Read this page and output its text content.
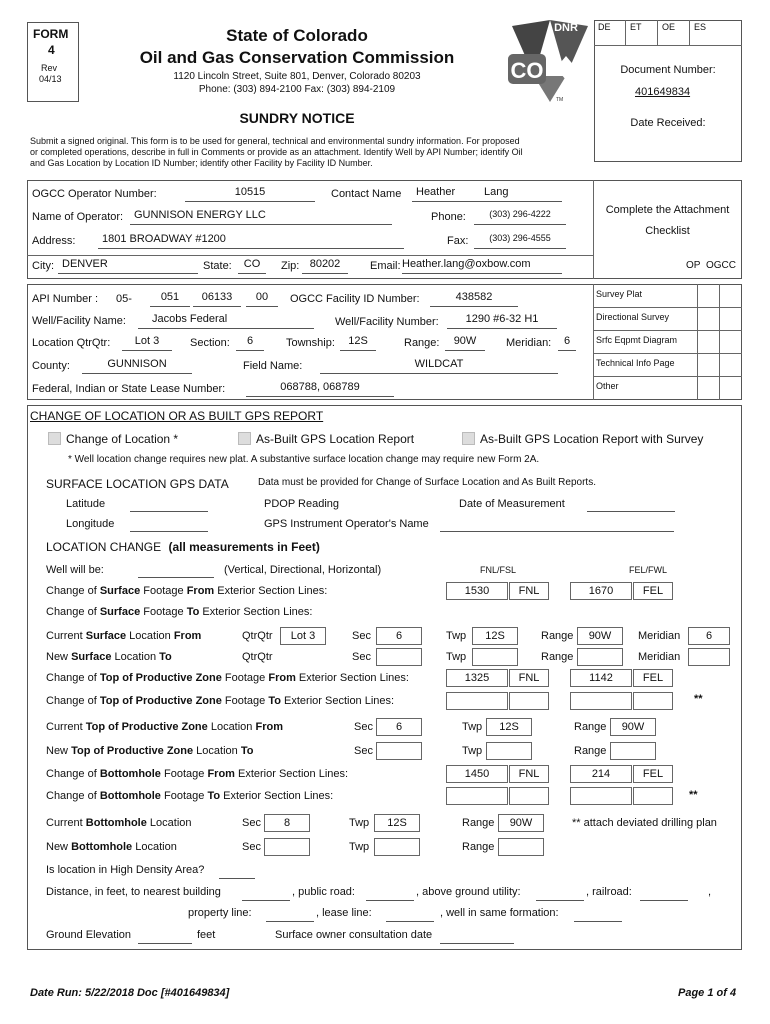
FORM
4
Rev
04/13
State of Colorado
Oil and Gas Conservation Commission
1120 Lincoln Street, Suite 801, Denver, Colorado 80203
Phone: (303) 894-2100 Fax: (303) 894-2109
SUNDRY NOTICE
DNR
CO
TM
DE ET OE ES
Document Number:
401649834
Date Received:
Submit a signed original. This form is to be used for general, technical and environmental sundry information. For proposed
or completed operations, describe in full in Comments or provide as an attachment. Identify Well by API Number; identify Oil
and Gas Location by Location ID Number; identify other Facility by Facility ID Number.
OGCC Operator Number:	10515	Contact Name Heather	Lang
Name of Operator: GUNNISON ENERGY LLC	Phone:	(303) 296-4222
Address:	1801 BROADWAY #1200	Fax:	(303) 296-4555
City: DENVER	State:	CO	Zip: 80202	Email: Heather.lang@oxbow.com
Complete the Attachment
Checklist
OP OGCC
Survey Plat
Directional Survey
Srfc Eqpmt Diagram
Technical Info Page
Other
API Number : 05-	051	06133	00	OGCC Facility ID Number:	438582
Well/Facility Name:	Jacobs Federal	Well/Facility Number:	1290 #6-32 H1
Location QtrQtr:	Lot 3	Section:	6	Township:	12S	Range:	90W	Meridian:	6
County:	GUNNISON	Field Name:	WILDCAT
Federal, Indian or State Lease Number:	068788, 068789
CHANGE OF LOCATION OR AS BUILT GPS REPORT
Change of Location *	As-Built GPS Location Report	As-Built GPS Location Report with Survey
* Well location change requires new plat. A substantive surface location change may require new Form 2A.
SURFACE LOCATION GPS DATA	Data must be provided for Change of Surface Location and As Built Reports.
Latitude	PDOP Reading	Date of Measurement
Longitude	GPS Instrument Operator's Name
LOCATION CHANGE (all measurements in Feet)
Well will be:	(Vertical, Directional, Horizontal)	FNL/FSL	FEL/FWL
Change of Surface Footage From Exterior Section Lines:	1530	FNL	1670	FEL
Change of Surface Footage To Exterior Section Lines:
Current Surface Location From	QtrQtr	Lot 3	Sec	6	Twp	12S	Range	90W	Meridian	6
New Surface Location To	QtrQtr	Sec	Twp	Range	Meridian
Change of Top of Productive Zone Footage From Exterior Section Lines:	1325	FNL	1142	FEL
Change of Top of Productive Zone Footage To Exterior Section Lines:	**
Current Top of Productive Zone Location From	Sec	6	Twp	12S	Range	90W
New Top of Productive Zone Location To	Sec	Twp	Range
Change of Bottomhole Footage From Exterior Section Lines:	1450	FNL	214	FEL
Change of Bottomhole Footage To Exterior Section Lines:	**
Current Bottomhole Location	Sec	8	Twp	12S	Range	90W	** attach deviated drilling plan
New Bottomhole Location	Sec	Twp	Range
Is location in High Density Area?
Distance, in feet, to nearest building	, public road:	, above ground utility:	, railroad:	,
property line:	, lease line:	, well in same formation:
Ground Elevation	feet	Surface owner consultation date
Date Run: 5/22/2018 Doc [#401649834]	Page 1 of 4
